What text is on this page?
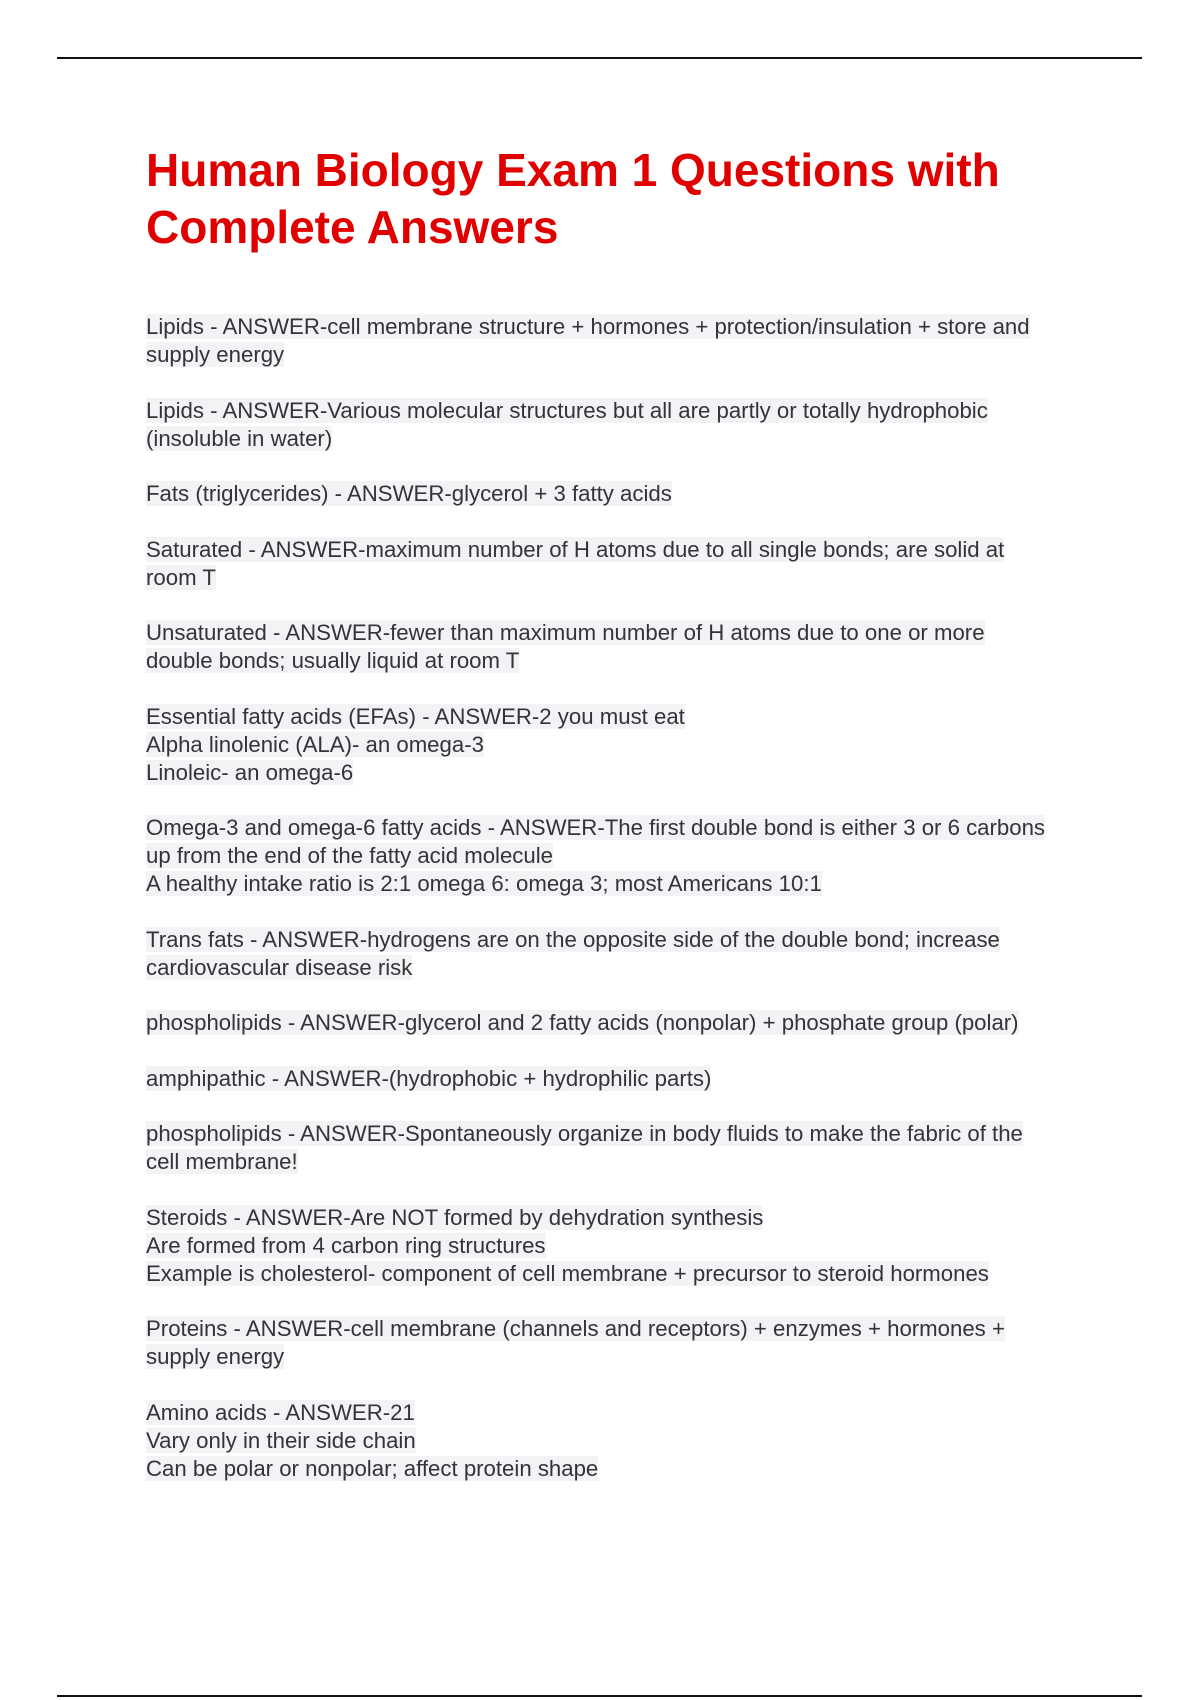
Human Biology Exam 1 Questions with Complete Answers

Lipids - ANSWER-cell membrane structure + hormones + protection/insulation + store and supply energy

Lipids - ANSWER-Various molecular structures but all are partly or totally hydrophobic (insoluble in water)

Fats (triglycerides) - ANSWER-glycerol + 3 fatty acids

Saturated - ANSWER-maximum number of H atoms due to all single bonds; are solid at room T

Unsaturated - ANSWER-fewer than maximum number of H atoms due to one or more double bonds; usually liquid at room T

Essential fatty acids (EFAs) - ANSWER-2 you must eat

Alpha linolenic (ALA)- an omega-3

Linoleic- an omega-6

Omega-3 and omega-6 fatty acids - ANSWER-The first double bond is either 3 or 6 carbons up from the end of the fatty acid molecule

A healthy intake ratio is 2:1 omega 6: omega 3; most Americans 10:1

Trans fats - ANSWER-hydrogens are on the opposite side of the double bond; increase cardiovascular disease risk

phospholipids - ANSWER-glycerol and 2 fatty acids (nonpolar) + phosphate group (polar)

amphipathic - ANSWER-(hydrophobic + hydrophilic parts)

phospholipids - ANSWER-Spontaneously organize in body fluids to make the fabric of the cell membrane!

Steroids - ANSWER-Are NOT formed by dehydration synthesis

Are formed from 4 carbon ring structures

Example is cholesterol- component of cell membrane + precursor to steroid hormones

Proteins - ANSWER-cell membrane (channels and receptors) + enzymes + hormones + supply energy

Amino acids - ANSWER-21

Vary only in their side chain

Can be polar or nonpolar; affect protein shape
